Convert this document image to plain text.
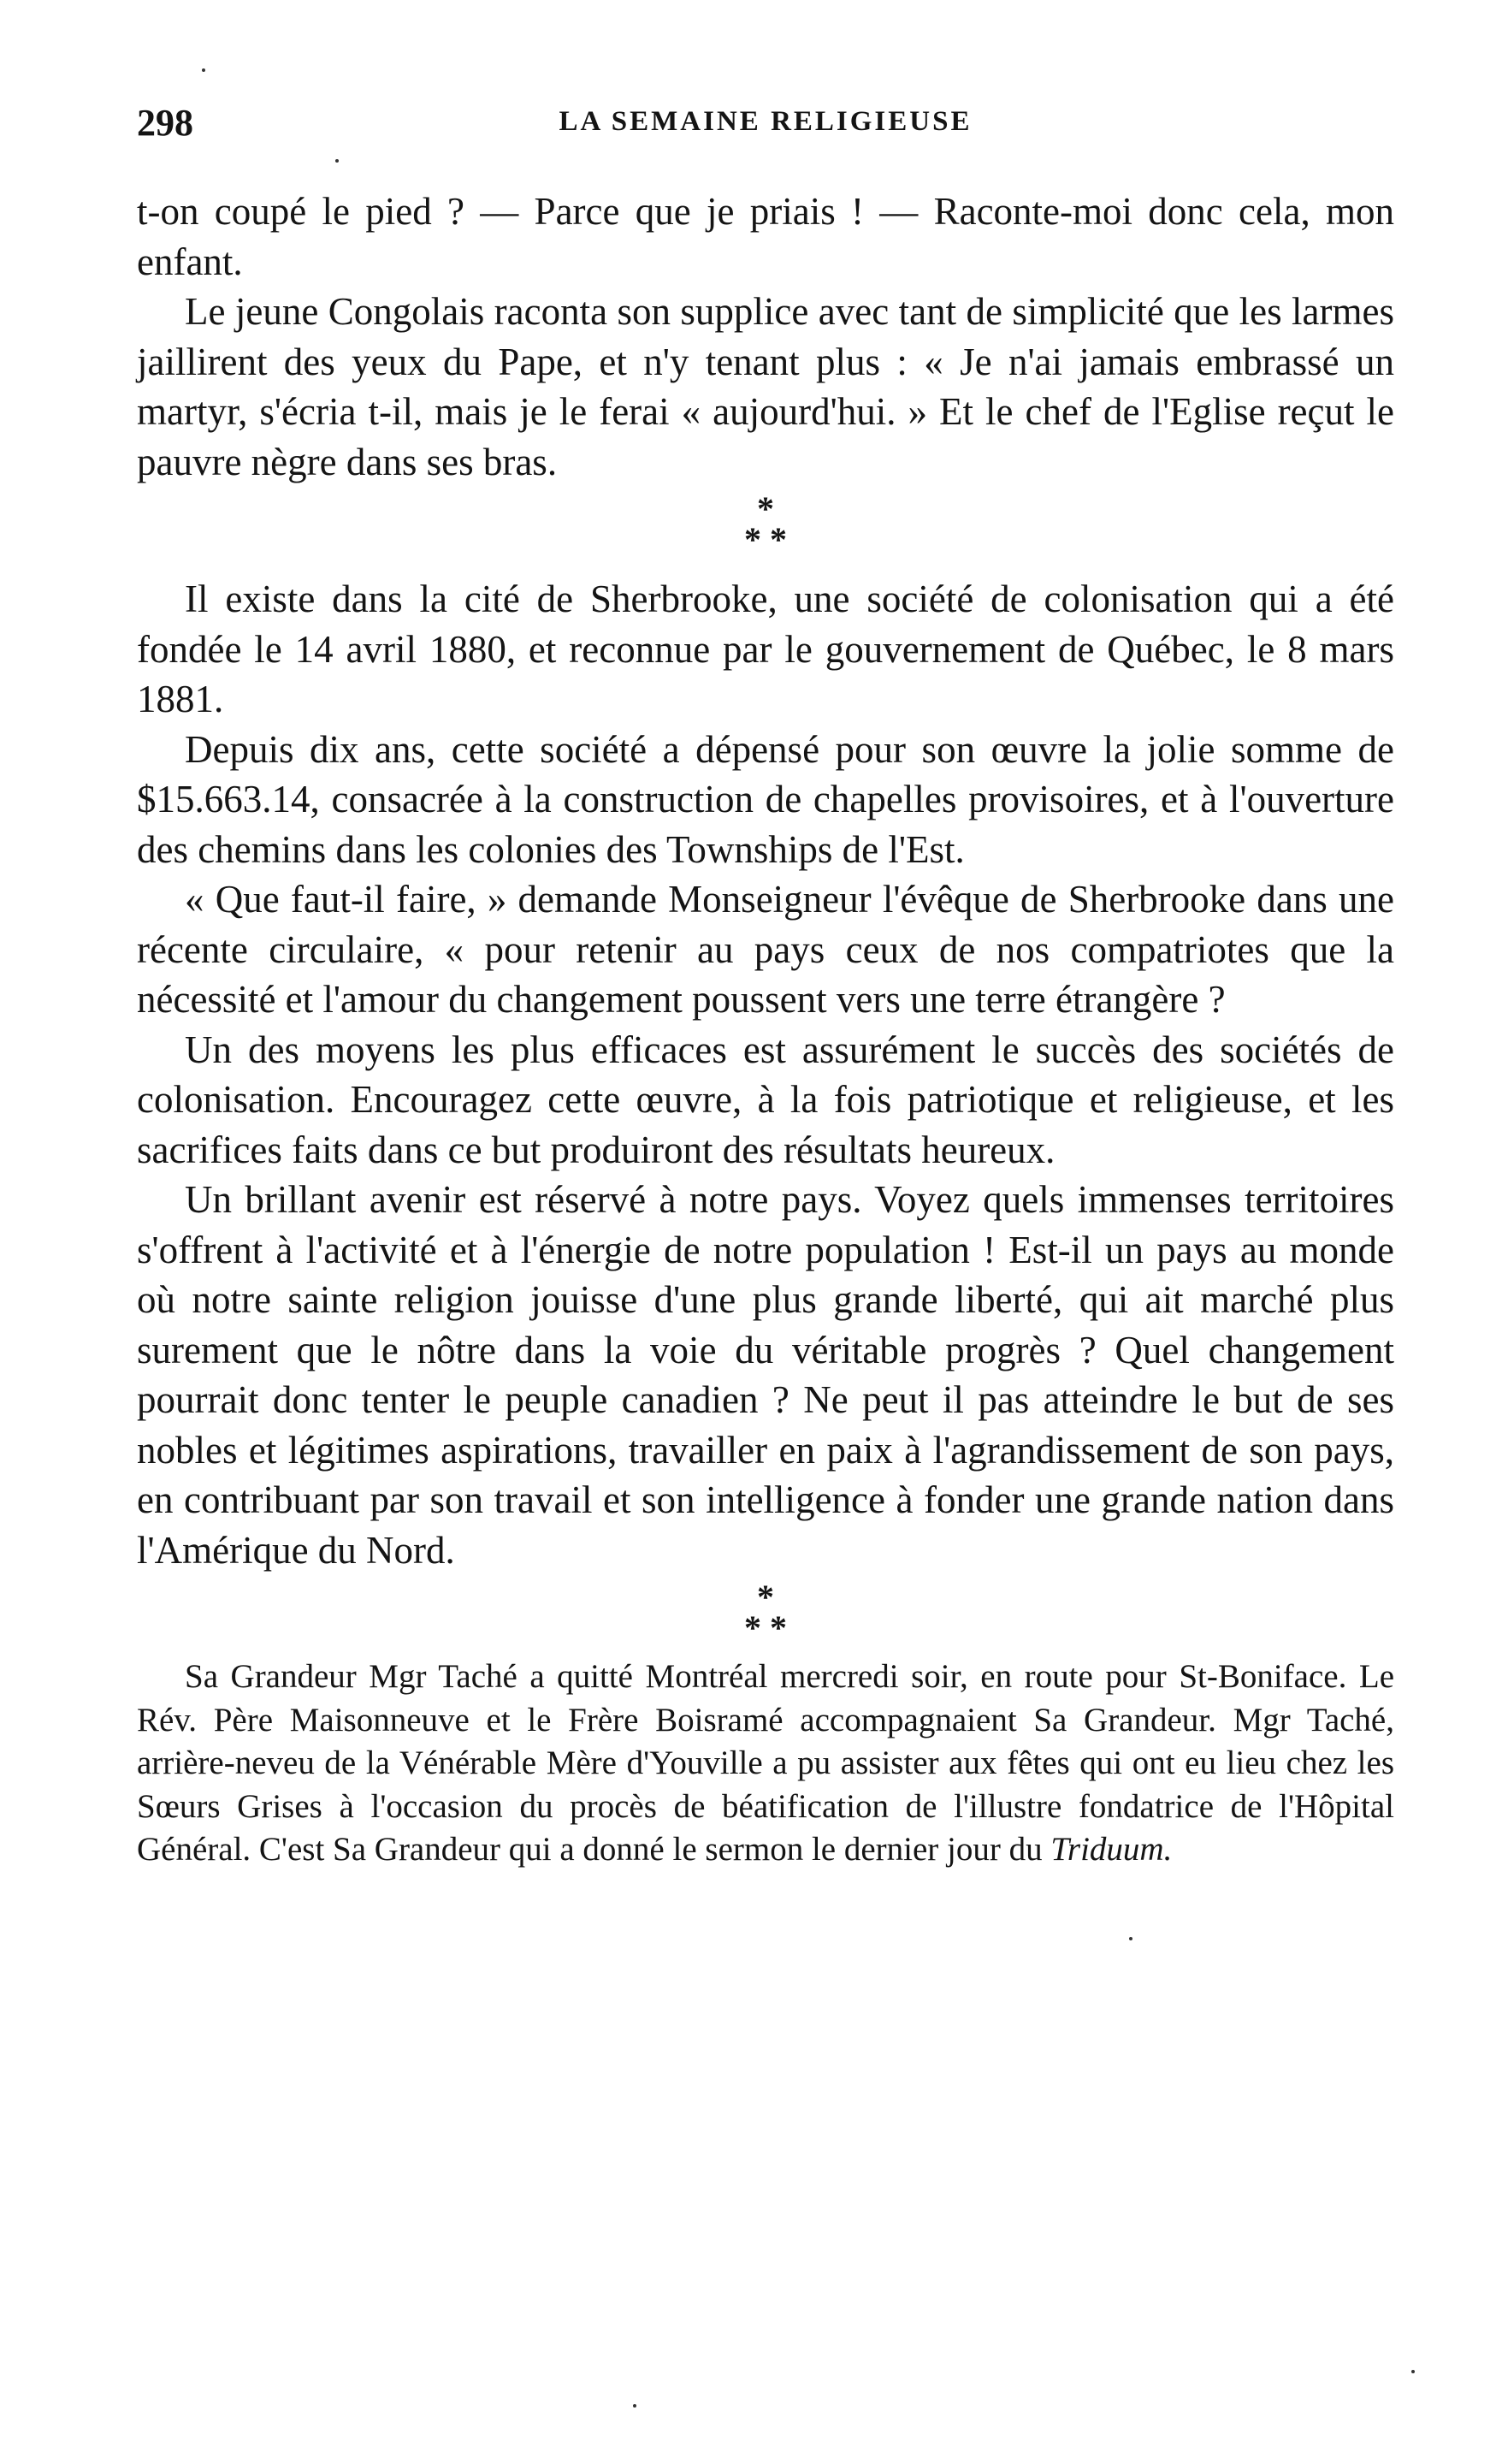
298	LA SEMAINE RELIGIEUSE

t-on coupé le pied ? — Parce que je priais ! — Raconte-moi donc cela, mon enfant.

Le jeune Congolais raconta son supplice avec tant de simplicité que les larmes jaillirent des yeux du Pape, et n'y tenant plus : « Je n'ai jamais embrassé un martyr, s'écria t-il, mais je le ferai « aujourd'hui. » Et le chef de l'Eglise reçut le pauvre nègre dans ses bras.

*
* *

Il existe dans la cité de Sherbrooke, une société de colonisation qui a été fondée le 14 avril 1880, et reconnue par le gouvernement de Québec, le 8 mars 1881.

Depuis dix ans, cette société a dépensé pour son œuvre la jolie somme de $15.663.14, consacrée à la construction de chapelles provisoires, et à l'ouverture des chemins dans les colonies des Townships de l'Est.

« Que faut-il faire, » demande Monseigneur l'évêque de Sherbrooke dans une récente circulaire, « pour retenir au pays ceux de nos compatriotes que la nécessité et l'amour du changement poussent vers une terre étrangère ?

Un des moyens les plus efficaces est assurément le succès des sociétés de colonisation. Encouragez cette œuvre, à la fois patriotique et religieuse, et les sacrifices faits dans ce but produiront des résultats heureux.

Un brillant avenir est réservé à notre pays. Voyez quels immenses territoires s'offrent à l'activité et à l'énergie de notre population ! Est-il un pays au monde où notre sainte religion jouisse d'une plus grande liberté, qui ait marché plus surement que le nôtre dans la voie du véritable progrès ? Quel changement pourrait donc tenter le peuple canadien ? Ne peut il pas atteindre le but de ses nobles et légitimes aspirations, travailler en paix à l'agrandissement de son pays, en contribuant par son travail et son intelligence à fonder une grande nation dans l'Amérique du Nord.

*
* *

Sa Grandeur Mgr Taché a quitté Montréal mercredi soir, en route pour St-Boniface. Le Rév. Père Maisonneuve et le Frère Boisramé accompagnaient Sa Grandeur. Mgr Taché, arrière-neveu de la Vénérable Mère d'Youville a pu assister aux fêtes qui ont eu lieu chez les Sœurs Grises à l'occasion du procès de béatification de l'illustre fondatrice de l'Hôpital Général. C'est Sa Grandeur qui a donné le sermon le dernier jour du Triduum.
